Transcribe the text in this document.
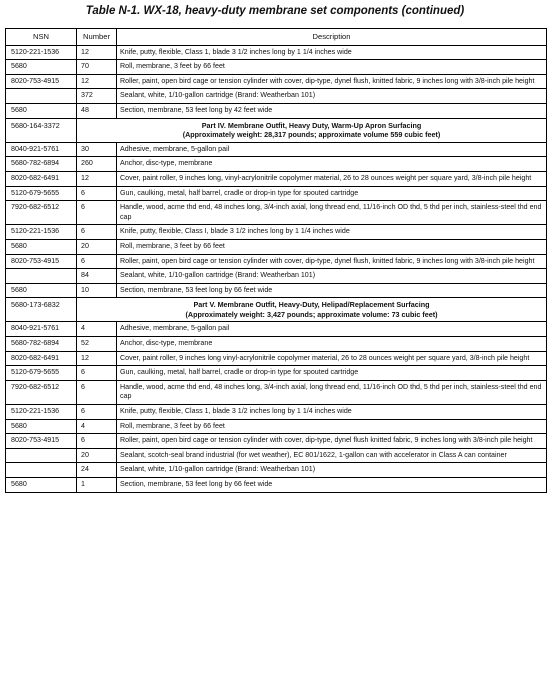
Table N-1. WX-18, heavy-duty membrane set components (continued)
NSN	Number	Description
5120-221-1536	12	Knife, putty, flexible, Class 1, blade 3 1/2 inches long by 1 1/4 inches wide
5680	70	Roll, membrane, 3 feet by 66 feet
8020-753-4915	12	Roller, paint, open bird cage or tension cylinder with cover, dip-type, dynel flush, knitted fabric, 9 inches long with 3/8-inch pile height
	372	Sealant, white, 1/10-gallon cartridge (Brand: Weatherban 101)
5680	48	Section, membrane, 53 feet long by 42 feet wide
5680-164-3372	Part IV. Membrane Outfit, Heavy Duty, Warm-Up Apron Surfacing
(Approximately weight: 28,317 pounds; approximate volume 559 cubic feet)	

8040-921-5761	30	Adhesive, membrane, 5-gallon pail
5680-782-6894	260	Anchor, disc-type, membrane
8020-682-6491	12	Cover, paint roller, 9 inches long, vinyl-acrylonitrile copolymer material, 26 to 28 ounces weight per square yard, 3/8-inch pile height
5120-679-5655	6	Gun, caulking, metal, half barrel, cradle or drop-in type for spouted cartridge
7920-682-6512	6	Handle, wood, acme thd end, 48 inches long, 3/4-inch axial, long thread end, 11/16-inch OD thd, 5 thd per inch, stainless-steel thd end cap
5120-221-1536	6	Knife, putty, flexible, Class I, blade 3 1/2 inches long by 1 1/4 inches wide
5680	20	Roll, membrane, 3 feet by 66 feet
8020-753-4915	6	Roller, paint, open bird cage or tension cylinder with cover, dip-type, dynel flush, knitted fabric, 9 inches long with 3/8-inch pile height
	84	Sealant, white, 1/10-gallon cartridge (Brand: Weatherban 101)
5680	10	Section, membrane, 53 feet long by 66 feet wide
5680-173-6832	Part V. Membrane Outfit, Heavy-Duty, Helipad/Replacement Surfacing
(Approximately weight: 3,427 pounds; approximate volume: 73 cubic feet)	

8040-921-5761	4	Adhesive, membrane, 5-gallon pail
5680-782-6894	52	Anchor, disc-type, membrane
8020-682-6491	12	Cover, paint roller, 9 inches long vinyl-acrylonitrile copolymer material, 26 to 28 ounces weight per square yard, 3/8-inch pile height
5120-679-5655	6	Gun, caulking, metal, half barrel, cradle or drop-in type for spouted cartridge
7920-682-6512	6	Handle, wood, acme thd end, 48 inches long, 3/4-inch axial, long thread end, 11/16-inch OD thd, 5 thd per inch, stainless-steel thd end cap
5120-221-1536	6	Knife, putty, flexible, Class 1, blade 3 1/2 inches long by 1 1/4 inches wide
5680	4	Roll, membrane, 3 feet by 66 feet
8020-753-4915	6	Roller, paint, open bird cage or tension cylinder with cover, dip-type, dynel flush knitted fabric, 9 inches long with 3/8-inch pile height
	20	Sealant, scotch-seal brand industrial (for wet weather), EC 801/1622, 1-gallon can with accelerator in Class A can container
	24	Sealant, white, 1/10-gallon cartridge (Brand: Weatherban 101)
5680	1	Section, membrane, 53 feet long by 66 feet wide
